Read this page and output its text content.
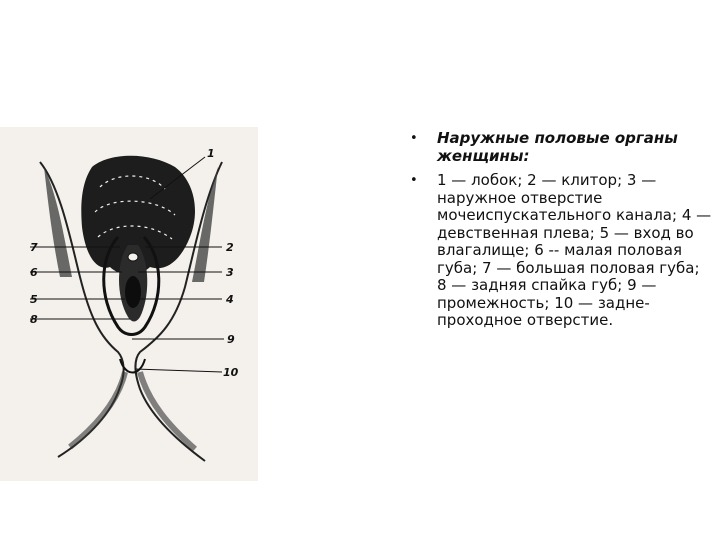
1
2
3
4
5
6
7
8
9
10
• Наружные половые органы женщины:
• 1 — лобок; 2 — клитор; 3 — наружное отверстие мочеиспускательного канала; 4 — девственная плева; 5 — вход во влагалище; 6 -- малая половая губа; 7 — большая половая губа; 8 — задняя спайка губ; 9 — промежность; 10 — задне-проходное отверстие.
